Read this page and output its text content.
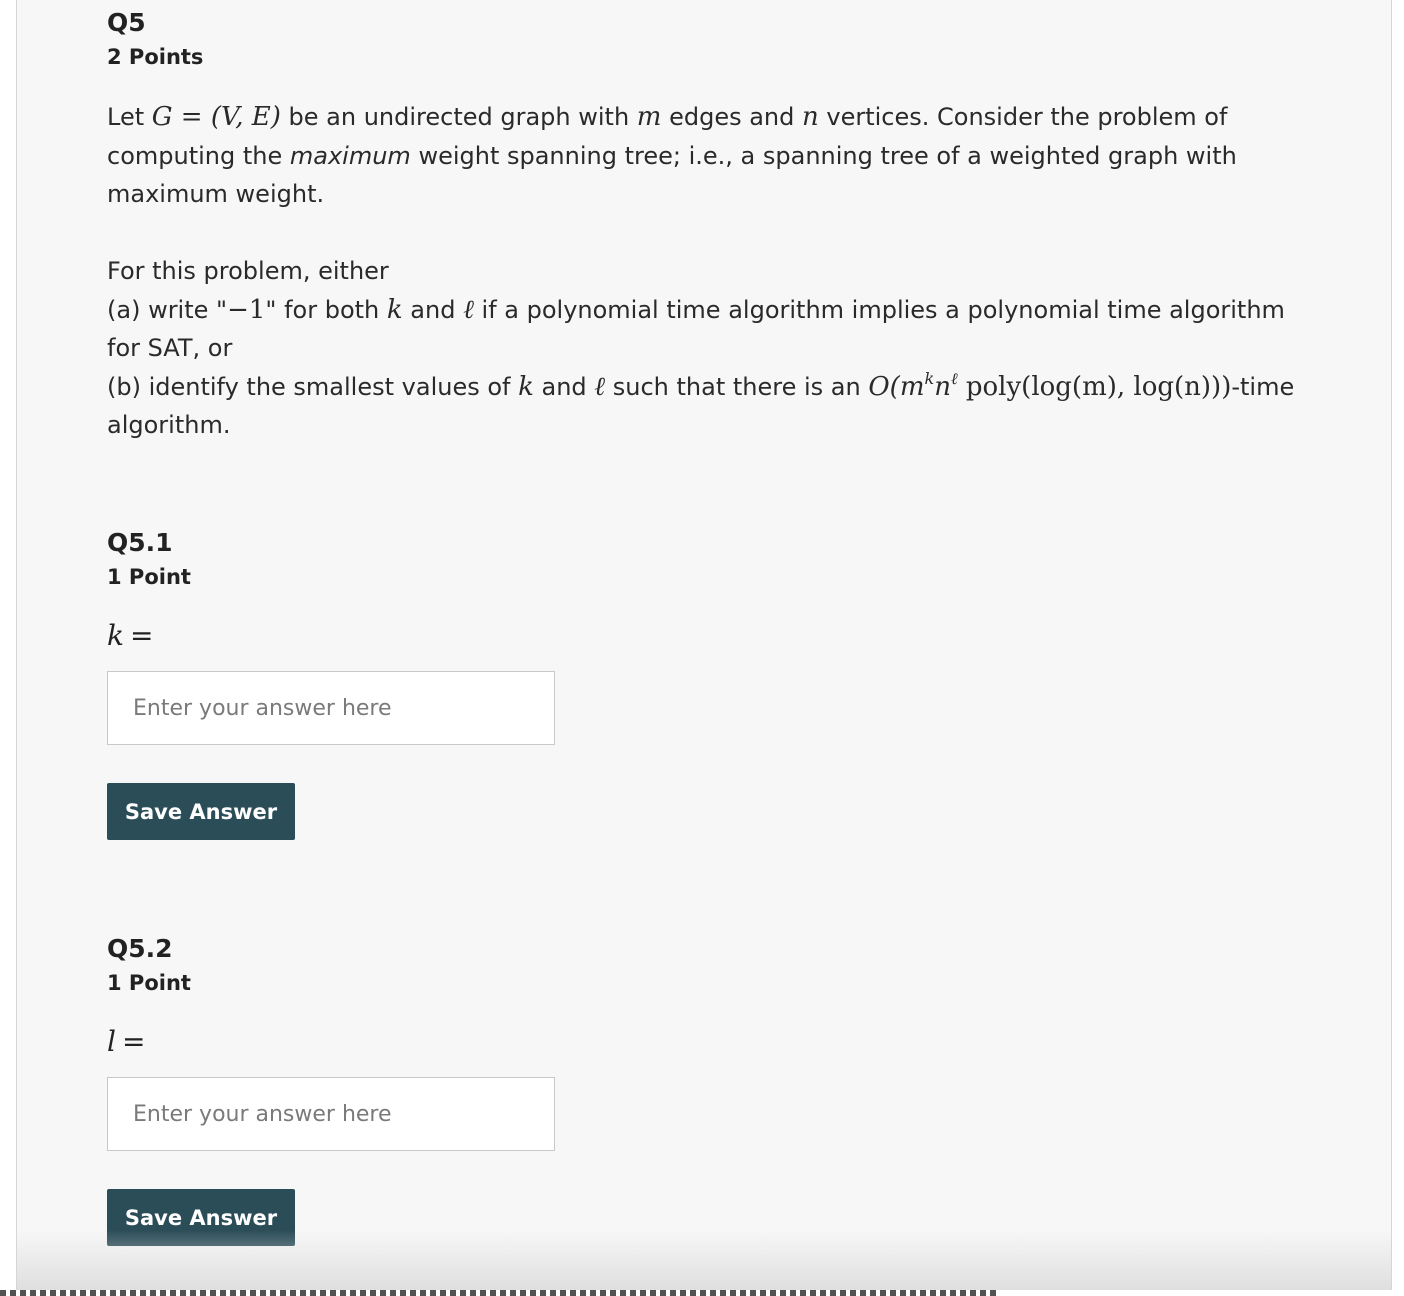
Q5
2 Points

Let G = (V, E) be an undirected graph with m edges and n vertices. Consider the problem of computing the maximum weight spanning tree; i.e., a spanning tree of a weighted graph with maximum weight.

For this problem, either
(a) write "−1" for both k and ℓ if a polynomial time algorithm implies a polynomial time algorithm for SAT, or
(b) identify the smallest values of k and ℓ such that there is an $O(m^kn^\ell$ poly(log(m), log(n)))-time algorithm.

Q5.1
1 Point
k =
Enter your answer here
Save Answer
Q5.2
1 Point
l =
Enter your answer here
Save Answer
